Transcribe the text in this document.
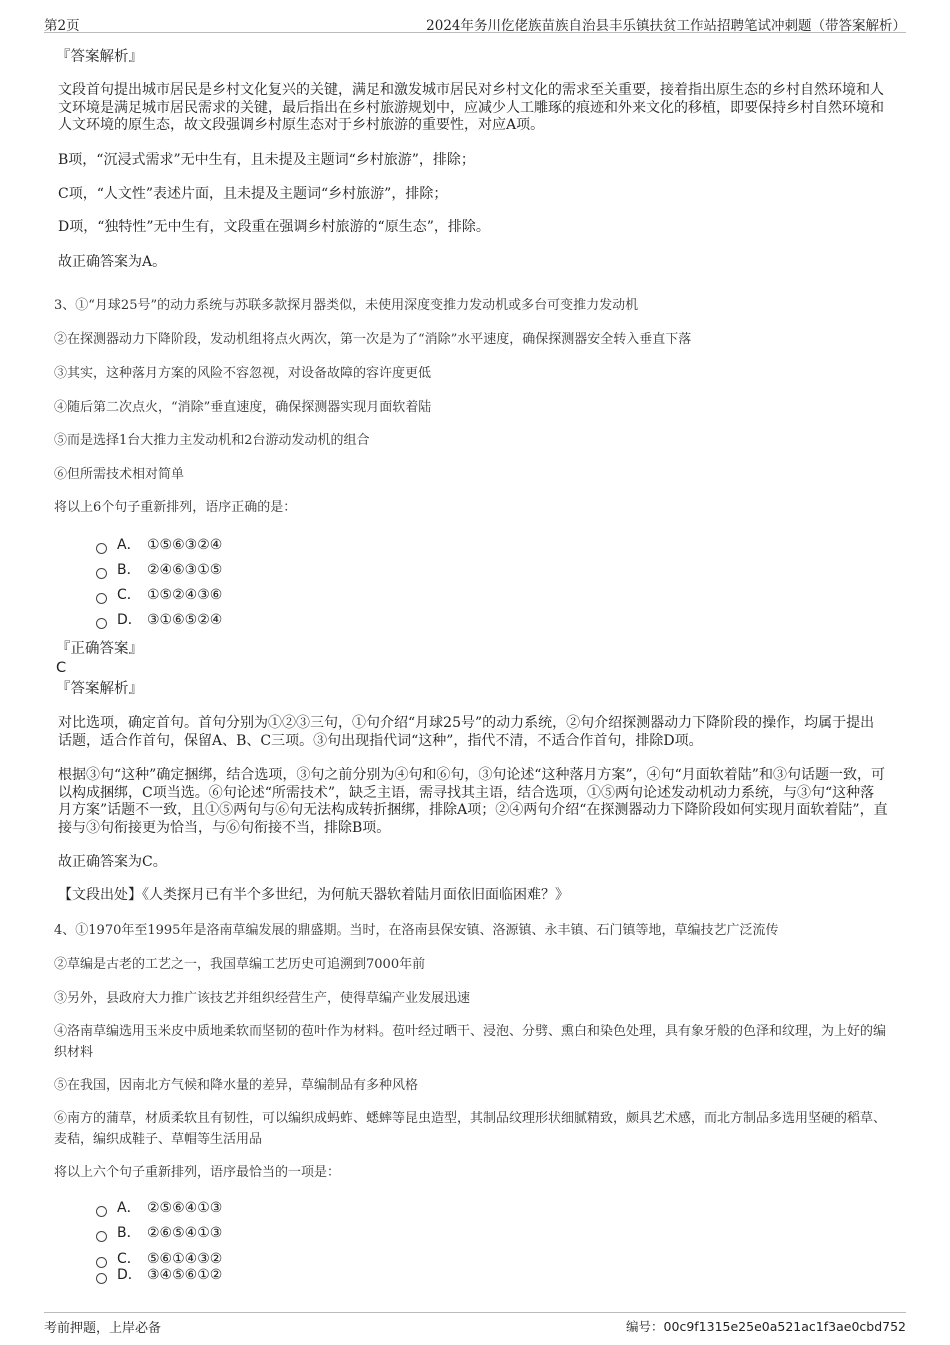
第2页	2024年务川仡佬族苗族自治县丰乐镇扶贫工作站招聘笔试冲刺题（带答案解析）
『答案解析』
文段首句提出城市居民是乡村文化复兴的关键，满足和激发城市居民对乡村文化的需求至关重要，接着指出原生态的乡村自然环境和人文环境是满足城市居民需求的关键，最后指出在乡村旅游规划中，应减少人工雕琢的痕迹和外来文化的移植，即要保持乡村自然环境和人文环境的原生态，故文段强调乡村原生态对于乡村旅游的重要性，对应A项。
B项，“沉浸式需求”无中生有，且未提及主题词“乡村旅游”，排除；
C项，“人文性”表述片面，且未提及主题词“乡村旅游”，排除；
D项，“独特性”无中生有，文段重在强调乡村旅游的“原生态”，排除。
故正确答案为A。
3、①“月球25号”的动力系统与苏联多款探月器类似，未使用深度变推力发动机或多台可变推力发动机
②在探测器动力下降阶段，发动机组将点火两次，第一次是为了“消除”水平速度，确保探测器安全转入垂直下落
③其实，这种落月方案的风险不容忽视，对设备故障的容许度更低
④随后第二次点火，“消除”垂直速度，确保探测器实现月面软着陆
⑤而是选择1台大推力主发动机和2台游动发动机的组合
⑥但所需技术相对简单
将以上6个句子重新排列，语序正确的是：
A． ①⑤⑥③②④
B． ②④⑥③①⑤
C． ①⑤②④③⑥
D． ③①⑥⑤②④
『正确答案』
C
『答案解析』
对比选项，确定首句。首句分别为①②③三句，①句介绍“月球25号”的动力系统，②句介绍探测器动力下降阶段的操作，均属于提出话题，适合作首句，保留A、B、C三项。③句出现指代词“这种”，指代不清，不适合作首句，排除D项。
根据③句“这种”确定捆绑，结合选项，③句之前分别为④句和⑥句，③句论述“这种落月方案”，④句“月面软着陆”和③句话题一致，可以构成捆绑，C项当选。⑥句论述“所需技术”，缺乏主语，需寻找其主语，结合选项，①⑤两句论述发动机动力系统，与③句“这种落月方案”话题不一致，且①⑤两句与⑥句无法构成转折捆绑，排除A项；②④两句介绍“在探测器动力下降阶段如何实现月面软着陆”，直接与③句衔接更为恰当，与⑥句衔接不当，排除B项。
故正确答案为C。
【文段出处】《人类探月已有半个多世纪，为何航天器软着陆月面依旧面临困难？》
4、①1970年至1995年是洛南草编发展的鼎盛期。当时，在洛南县保安镇、洛源镇、永丰镇、石门镇等地，草编技艺广泛流传
②草编是古老的工艺之一，我国草编工艺历史可追溯到7000年前
③另外，县政府大力推广该技艺并组织经营生产，使得草编产业发展迅速
④洛南草编选用玉米皮中质地柔软而坚韧的苞叶作为材料。苞叶经过晒干、浸泡、分劈、熏白和染色处理，具有象牙般的色泽和纹理，为上好的编织材料
⑤在我国，因南北方气候和降水量的差异，草编制品有多种风格
⑥南方的蒲草，材质柔软且有韧性，可以编织成蚂蚱、蟋蟀等昆虫造型，其制品纹理形状细腻精致，颇具艺术感，而北方制品多选用坚硬的稻草、麦秸，编织成鞋子、草帽等生活用品
将以上六个句子重新排列，语序最恰当的一项是：
A． ②⑤⑥④①③
B． ②⑥⑤④①③
C． ⑤⑥①④③②
D． ③④⑤⑥①②
考前押题，上岸必备	编号：00c9f1315e25e0a521ac1f3ae0cbd752
